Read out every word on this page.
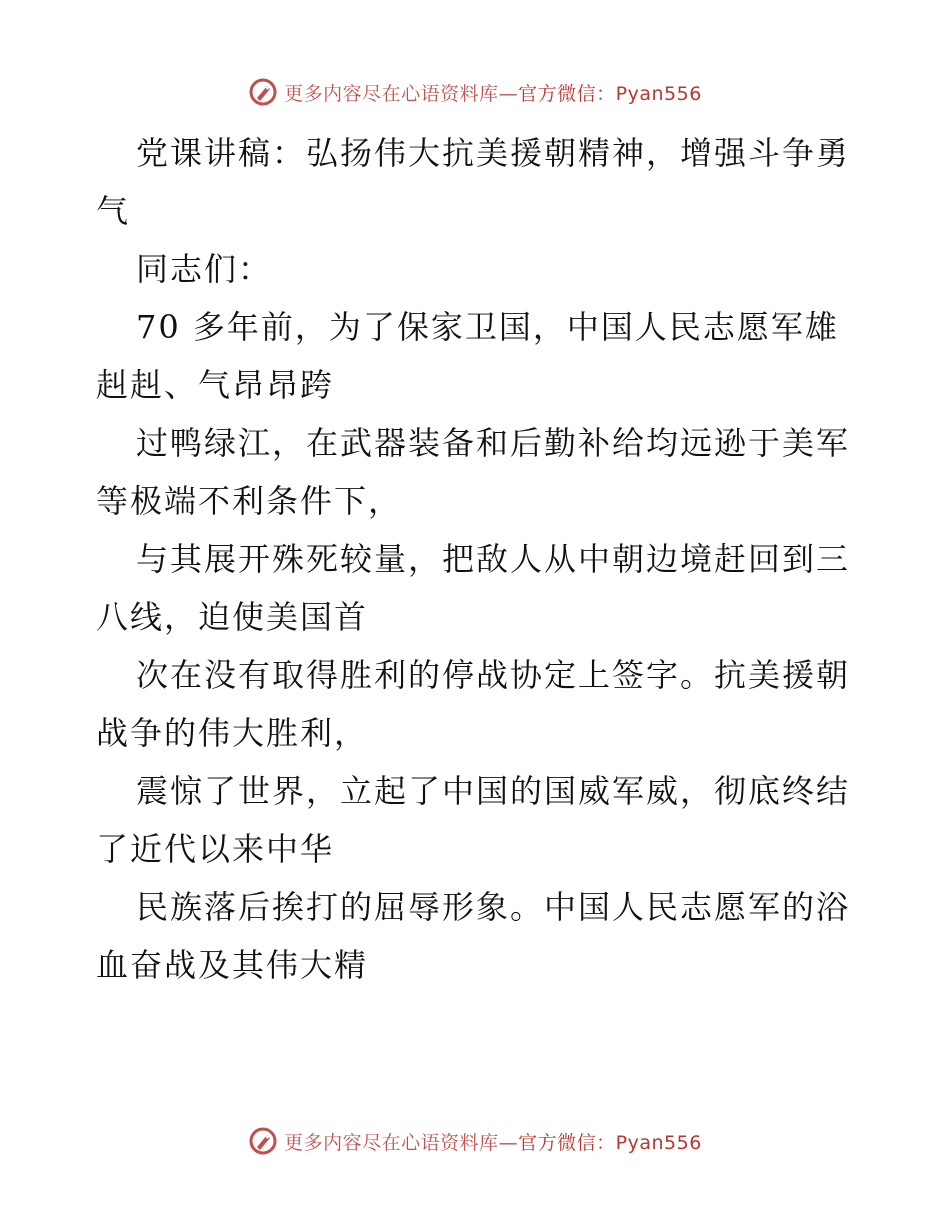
更多内容尽在心语资料库—官方微信：Pyan556

党课讲稿：弘扬伟大抗美援朝精神，增强斗争勇气

同志们：

70 多年前，为了保家卫国，中国人民志愿军雄赳赳、气昂昂跨

过鸭绿江，在武器装备和后勤补给均远逊于美军等极端不利条件下，

与其展开殊死较量，把敌人从中朝边境赶回到三八线，迫使美国首

次在没有取得胜利的停战协定上签字。抗美援朝战争的伟大胜利，

震惊了世界，立起了中国的国威军威，彻底终结了近代以来中华

民族落后挨打的屈辱形象。中国人民志愿军的浴血奋战及其伟大精

更多内容尽在心语资料库—官方微信：Pyan556
